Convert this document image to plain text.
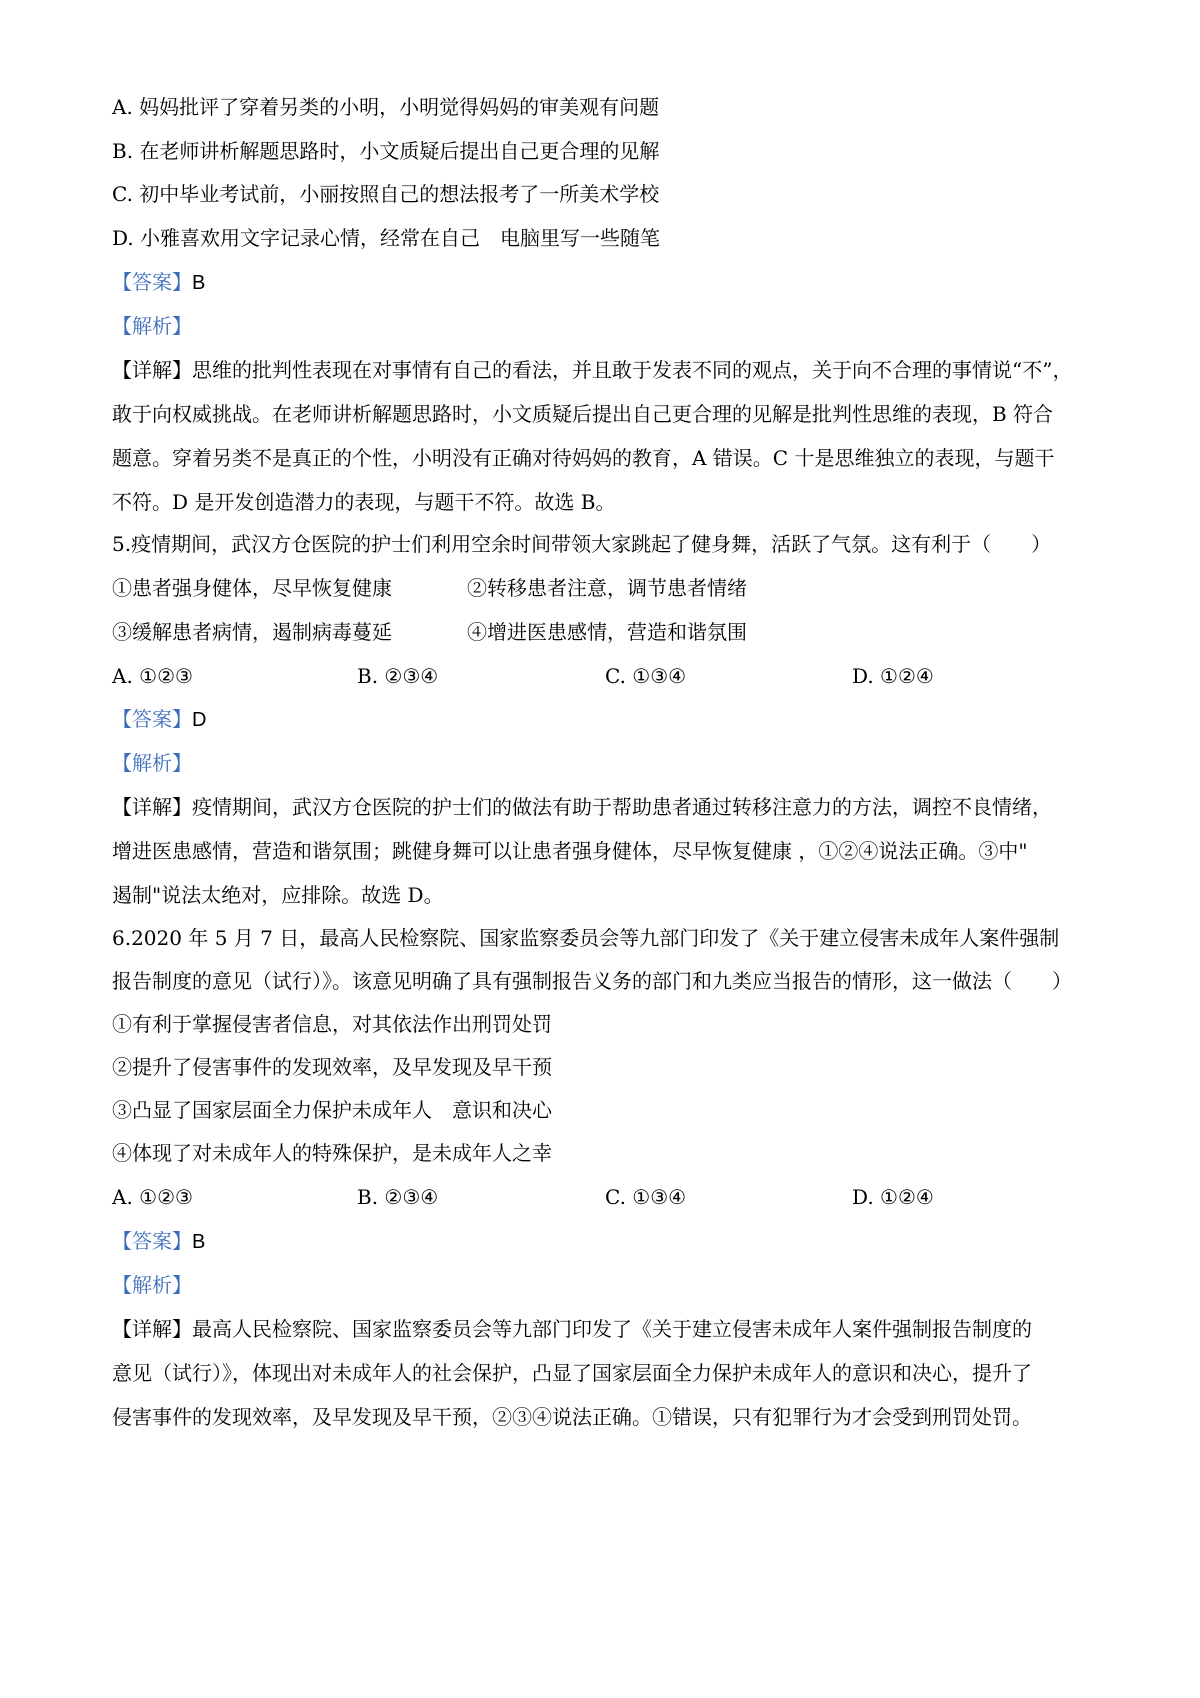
A. 妈妈批评了穿着另类的小明，小明觉得妈妈的审美观有问题
B. 在老师讲析解题思路时，小文质疑后提出自己更合理的见解
C. 初中毕业考试前，小丽按照自己的想法报考了一所美术学校
D. 小雅喜欢用文字记录心情，经常在自己　电脑里写一些随笔
【答案】B
【解析】
【详解】思维的批判性表现在对事情有自己的看法，并且敢于发表不同的观点，关于向不合理的事情说“不”，
敢于向权威挑战。在老师讲析解题思路时，小文质疑后提出自己更合理的见解是批判性思维的表现，B 符合
题意。穿着另类不是真正的个性，小明没有正确对待妈妈的教育，A 错误。C 十是思维独立的表现，与题干
不符。D 是开发创造潜力的表现，与题干不符。故选 B。
5.疫情期间，武汉方仓医院的护士们利用空余时间带领大家跳起了健身舞，活跃了气氛。这有利于（　　）
①患者强身健体，尽早恢复健康	②转移患者注意，调节患者情绪
③缓解患者病情，遏制病毒蔓延	④增进医患感情，营造和谐氛围
A. ①②③	B. ②③④	C. ①③④	D. ①②④
【答案】D
【解析】
【详解】疫情期间，武汉方仓医院的护士们的做法有助于帮助患者通过转移注意力的方法，调控不良情绪，
增进医患感情，营造和谐氛围；跳健身舞可以让患者强身健体，尽早恢复健康 ，①②④说法正确。③中"
遏制"说法太绝对，应排除。故选 D。
6.2020 年 5 月 7 日，最高人民检察院、国家监察委员会等九部门印发了《关于建立侵害未成年人案件强制
报告制度的意见（试行）》。该意见明确了具有强制报告义务的部门和九类应当报告的情形，这一做法（　　）
①有利于掌握侵害者信息，对其依法作出刑罚处罚
②提升了侵害事件的发现效率，及早发现及早干预
③凸显了国家层面全力保护未成年人　意识和决心
④体现了对未成年人的特殊保护，是未成年人之幸
A. ①②③	B. ②③④	C. ①③④	D. ①②④
【答案】B
【解析】
【详解】最高人民检察院、国家监察委员会等九部门印发了《关于建立侵害未成年人案件强制报告制度的
意见（试行）》，体现出对未成年人的社会保护，凸显了国家层面全力保护未成年人的意识和决心，提升了
侵害事件的发现效率，及早发现及早干预，②③④说法正确。①错误，只有犯罪行为才会受到刑罚处罚。
